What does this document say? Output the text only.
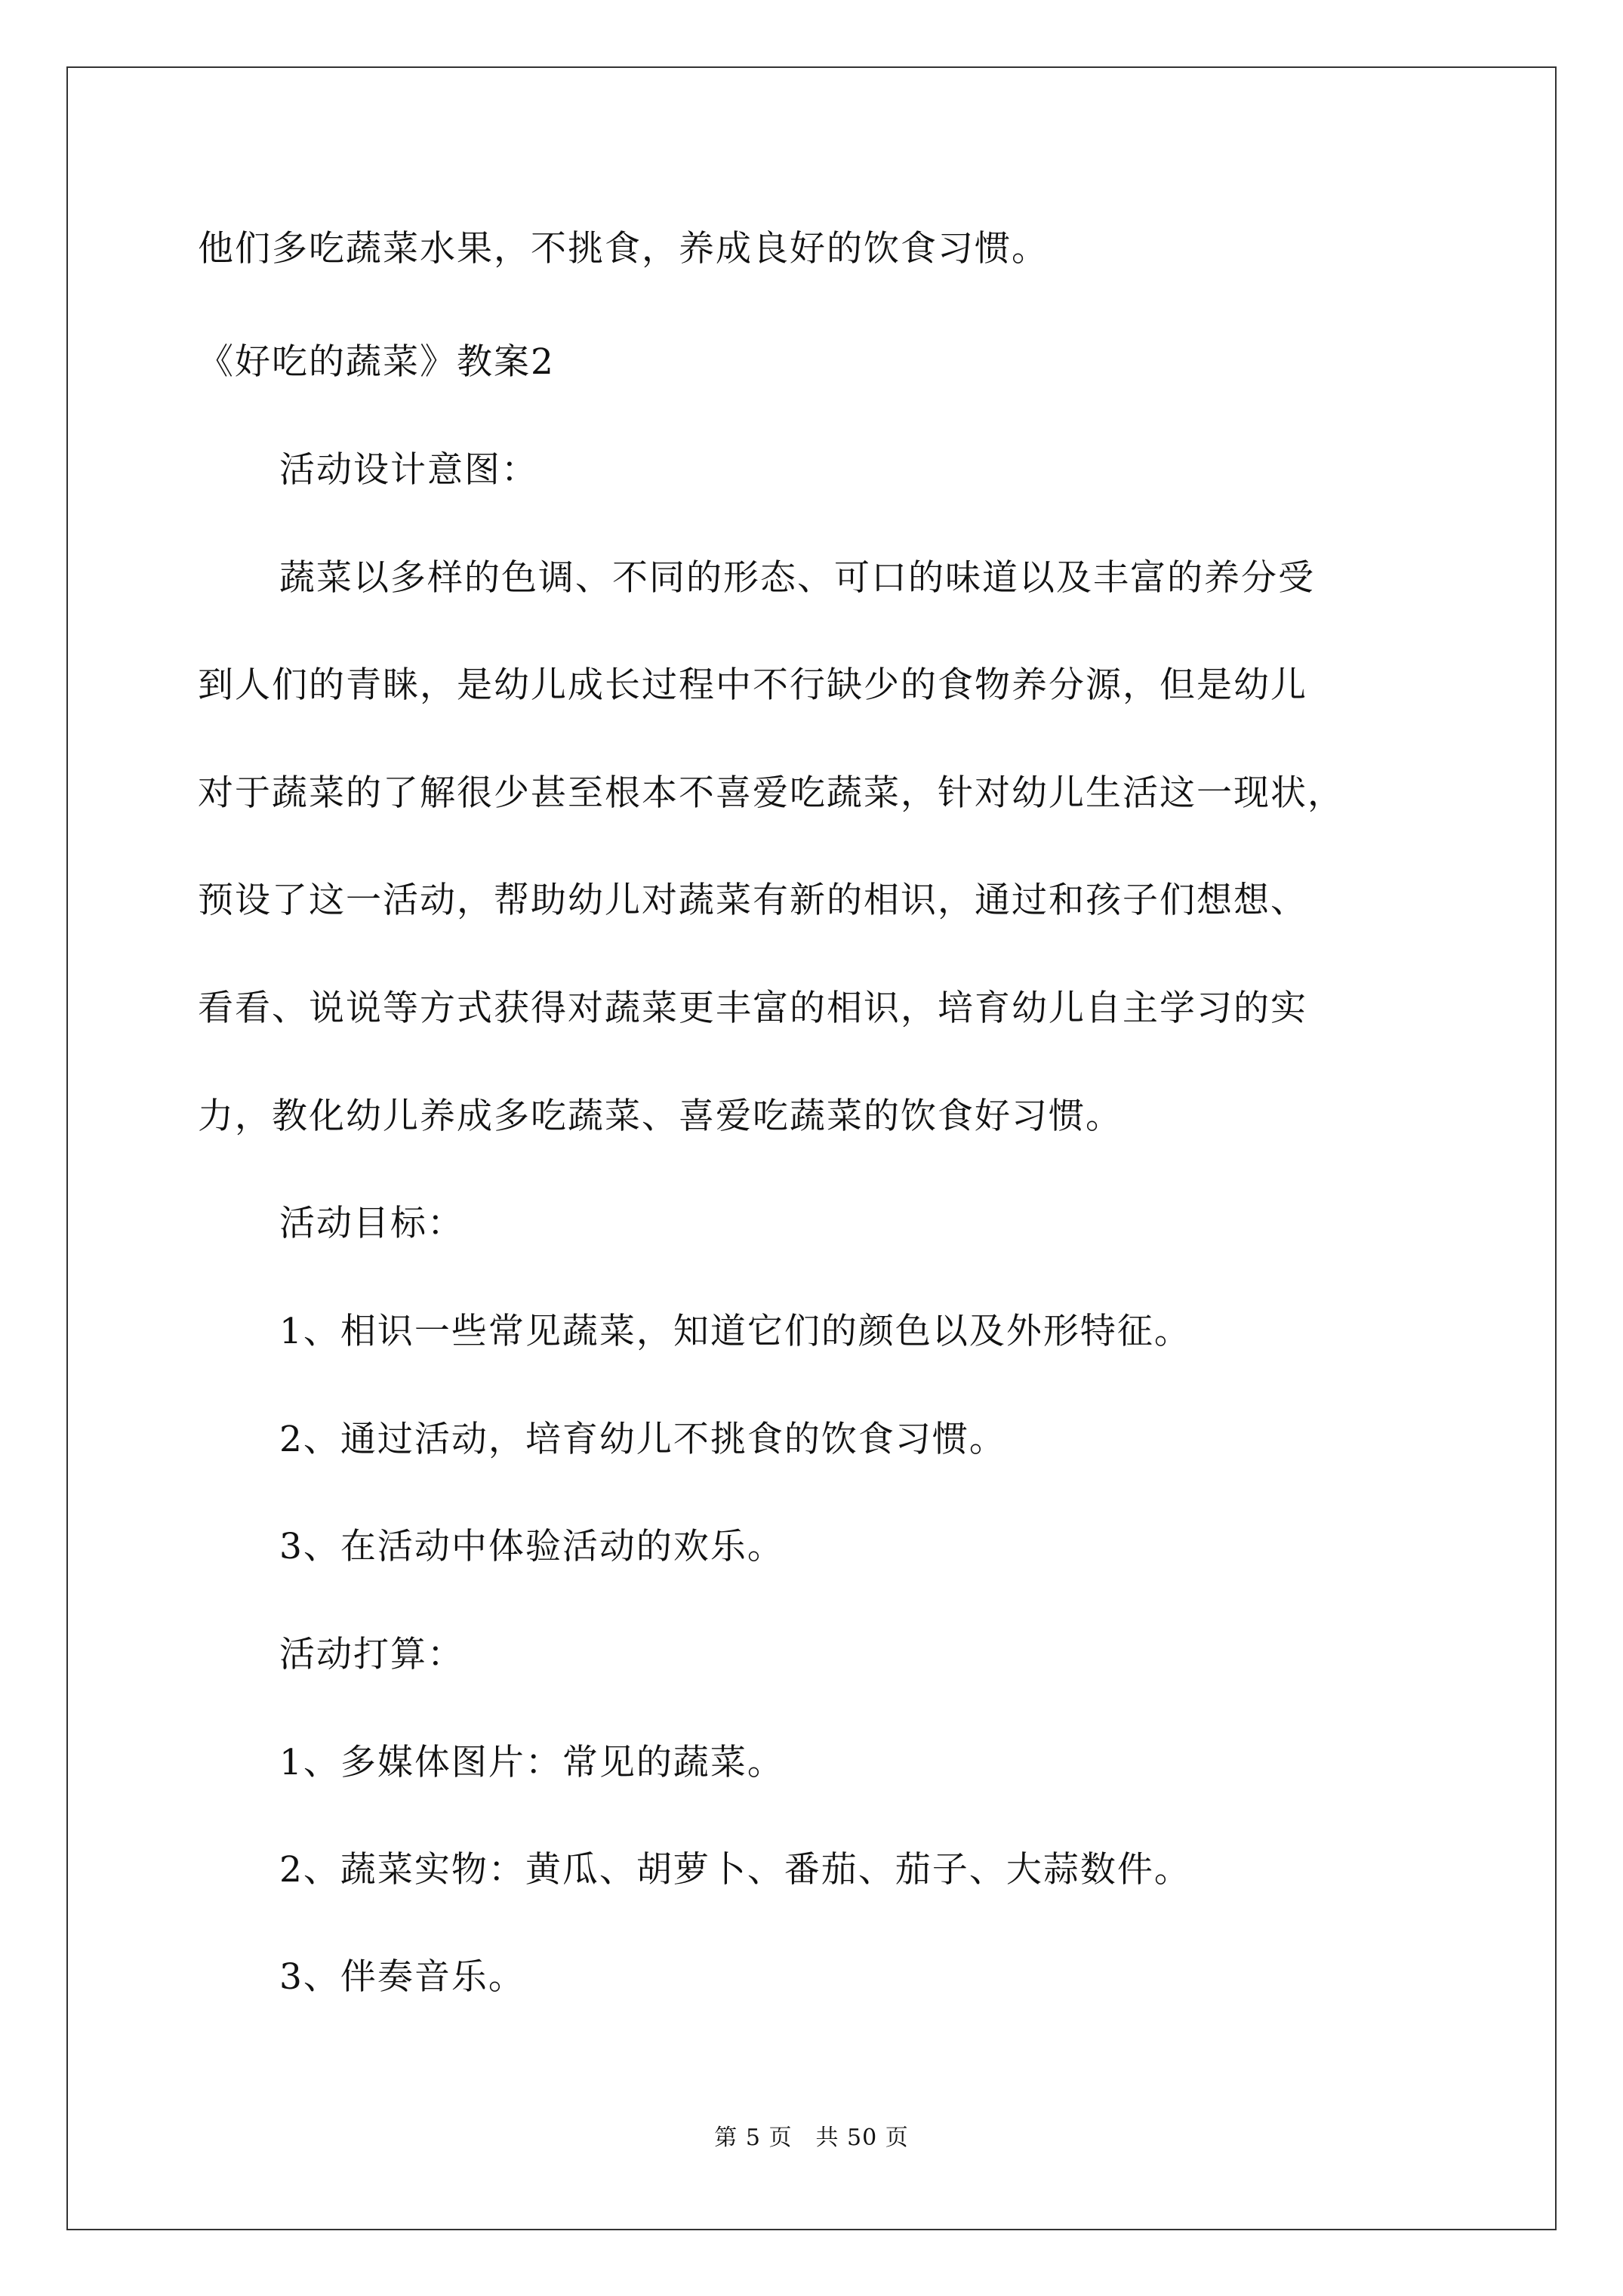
他们多吃蔬菜水果，不挑食，养成良好的饮食习惯。
《好吃的蔬菜》教案2
活动设计意图：
蔬菜以多样的色调、不同的形态、可口的味道以及丰富的养分受
到人们的青睐，是幼儿成长过程中不行缺少的食物养分源，但是幼儿
对于蔬菜的了解很少甚至根本不喜爱吃蔬菜，针对幼儿生活这一现状，
预设了这一活动，帮助幼儿对蔬菜有新的相识，通过和孩子们想想、
看看、说说等方式获得对蔬菜更丰富的相识，培育幼儿自主学习的实
力，教化幼儿养成多吃蔬菜、喜爱吃蔬菜的饮食好习惯。
活动目标：
1、相识一些常见蔬菜，知道它们的颜色以及外形特征。
2、通过活动，培育幼儿不挑食的饮食习惯。
3、在活动中体验活动的欢乐。
活动打算：
1、多媒体图片：常见的蔬菜。
2、蔬菜实物：黄瓜、胡萝卜、番茄、茄子、大蒜数件。
3、伴奏音乐。
第 5 页　共 50 页
